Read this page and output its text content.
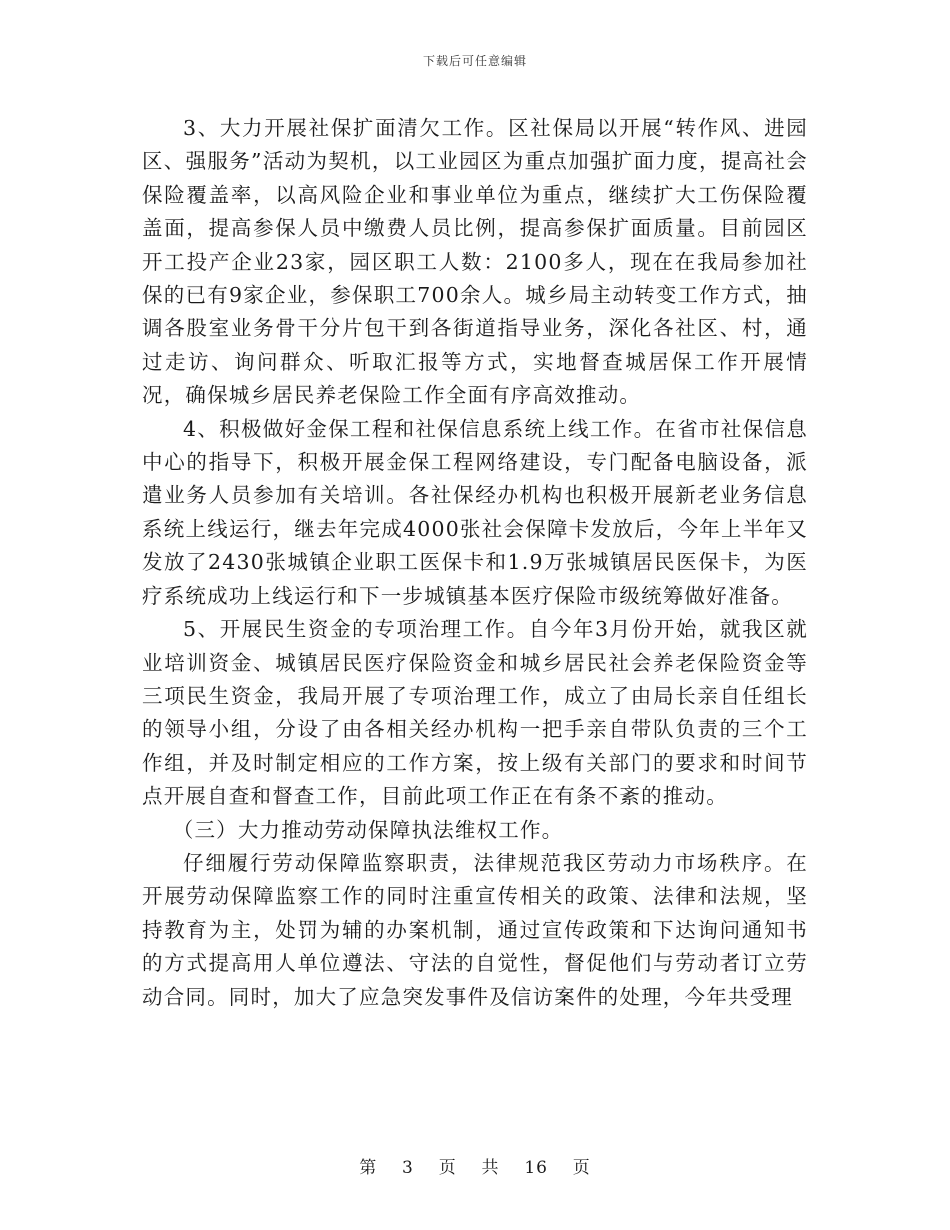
下载后可任意编辑

3、大力开展社保扩面清欠工作。区社保局以开展“转作风、进园区、强服务”活动为契机，以工业园区为重点加强扩面力度，提高社会保险覆盖率，以高风险企业和事业单位为重点，继续扩大工伤保险覆盖面，提高参保人员中缴费人员比例，提高参保扩面质量。目前园区开工投产企业23家，园区职工人数：2100多人，现在在我局参加社保的已有9家企业，参保职工700余人。城乡局主动转变工作方式，抽调各股室业务骨干分片包干到各街道指导业务，深化各社区、村，通过走访、询问群众、听取汇报等方式，实地督查城居保工作开展情况，确保城乡居民养老保险工作全面有序高效推动。

4、积极做好金保工程和社保信息系统上线工作。在省市社保信息中心的指导下，积极开展金保工程网络建设，专门配备电脑设备，派遣业务人员参加有关培训。各社保经办机构也积极开展新老业务信息系统上线运行，继去年完成4000张社会保障卡发放后，今年上半年又发放了2430张城镇企业职工医保卡和1.9万张城镇居民医保卡，为医疗系统成功上线运行和下一步城镇基本医疗保险市级统筹做好准备。

5、开展民生资金的专项治理工作。自今年3月份开始，就我区就业培训资金、城镇居民医疗保险资金和城乡居民社会养老保险资金等三项民生资金，我局开展了专项治理工作，成立了由局长亲自任组长的领导小组，分设了由各相关经办机构一把手亲自带队负责的三个工作组，并及时制定相应的工作方案，按上级有关部门的要求和时间节点开展自查和督查工作，目前此项工作正在有条不紊的推动。

（三）大力推动劳动保障执法维权工作。

仔细履行劳动保障监察职责，法律规范我区劳动力市场秩序。在开展劳动保障监察工作的同时注重宣传相关的政策、法律和法规，坚持教育为主，处罚为辅的办案机制，通过宣传政策和下达询问通知书的方式提高用人单位遵法、守法的自觉性，督促他们与劳动者订立劳动合同。同时，加大了应急突发事件及信访案件的处理，今年共受理

第 3 页 共 16 页
